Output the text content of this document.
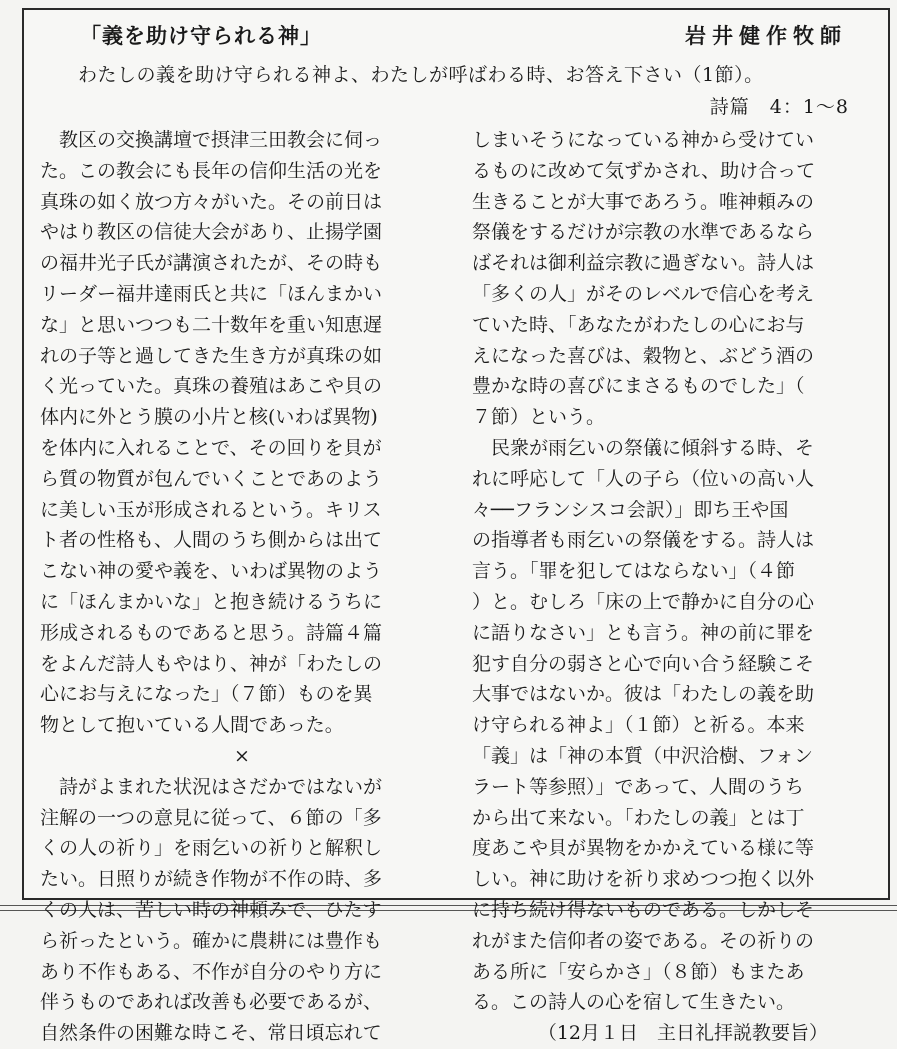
「義を助け守られる神」	岩井健作牧師
わたしの義を助け守られる神よ、わたしが呼ばわる時、お答え下さい（1節）。
詩篇　4：1〜8
　教区の交換講壇で摂津三田教会に伺っ
た。この教会にも長年の信仰生活の光を
真珠の如く放つ方々がいた。その前日は
やはり教区の信徒大会があり、止揚学園
の福井光子氏が講演されたが、その時も
リーダー福井達雨氏と共に「ほんまかい
な」と思いつつも二十数年を重い知恵遅
れの子等と過してきた生き方が真珠の如
く光っていた。真珠の養殖はあこや貝の
体内に外とう膜の小片と核(いわば異物)
を体内に入れることで、その回りを貝が
ら質の物質が包んでいくことであのよう
に美しい玉が形成されるという。キリス
ト者の性格も、人間のうち側からは出て
こない神の愛や義を、いわば異物のよう
に「ほんまかいな」と抱き続けるうちに
形成されるものであると思う。詩篇４篇
をよんだ詩人もやはり、神が「わたしの
心にお与えになった」（７節）ものを異
物として抱いている人間であった。
×
　詩がよまれた状況はさだかではないが
注解の一つの意見に従って、６節の「多
くの人の祈り」を雨乞いの祈りと解釈し
たい。日照りが続き作物が不作の時、多
くの人は、苦しい時の神頼みで、ひたす
ら祈ったという。確かに農耕には豊作も
あり不作もある、不作が自分のやり方に
伴うものであれば改善も必要であるが、
自然条件の困難な時こそ、常日頃忘れて
しまいそうになっている神から受けてい
るものに改めて気ずかされ、助け合って
生きることが大事であろう。唯神頼みの
祭儀をするだけが宗教の水準であるなら
ばそれは御利益宗教に過ぎない。詩人は
「多くの人」がそのレベルで信心を考え
ていた時、「あなたがわたしの心にお与
えになった喜びは、穀物と、ぶどう酒の
豊かな時の喜びにまさるものでした」（
７節）という。
　民衆が雨乞いの祭儀に傾斜する時、そ
れに呼応して「人の子ら（位いの高い人
々──フランシスコ会訳）」即ち王や国
の指導者も雨乞いの祭儀をする。詩人は
言う。「罪を犯してはならない」（４節
）と。むしろ「床の上で静かに自分の心
に語りなさい」とも言う。神の前に罪を
犯す自分の弱さと心で向い合う経験こそ
大事ではないか。彼は「わたしの義を助
け守られる神よ」（１節）と祈る。本来
「義」は「神の本質（中沢洽樹、フォン
ラート等参照）」であって、人間のうち
から出て来ない。「わたしの義」とは丁
度あこや貝が異物をかかえている様に等
しい。神に助けを祈り求めつつ抱く以外
に持ち続け得ないものである。しかしそ
れがまた信仰者の姿である。その祈りの
ある所に「安らかさ」（８節）もまたあ
る。この詩人の心を宿して生きたい。
（12月１日　主日礼拝説教要旨）
